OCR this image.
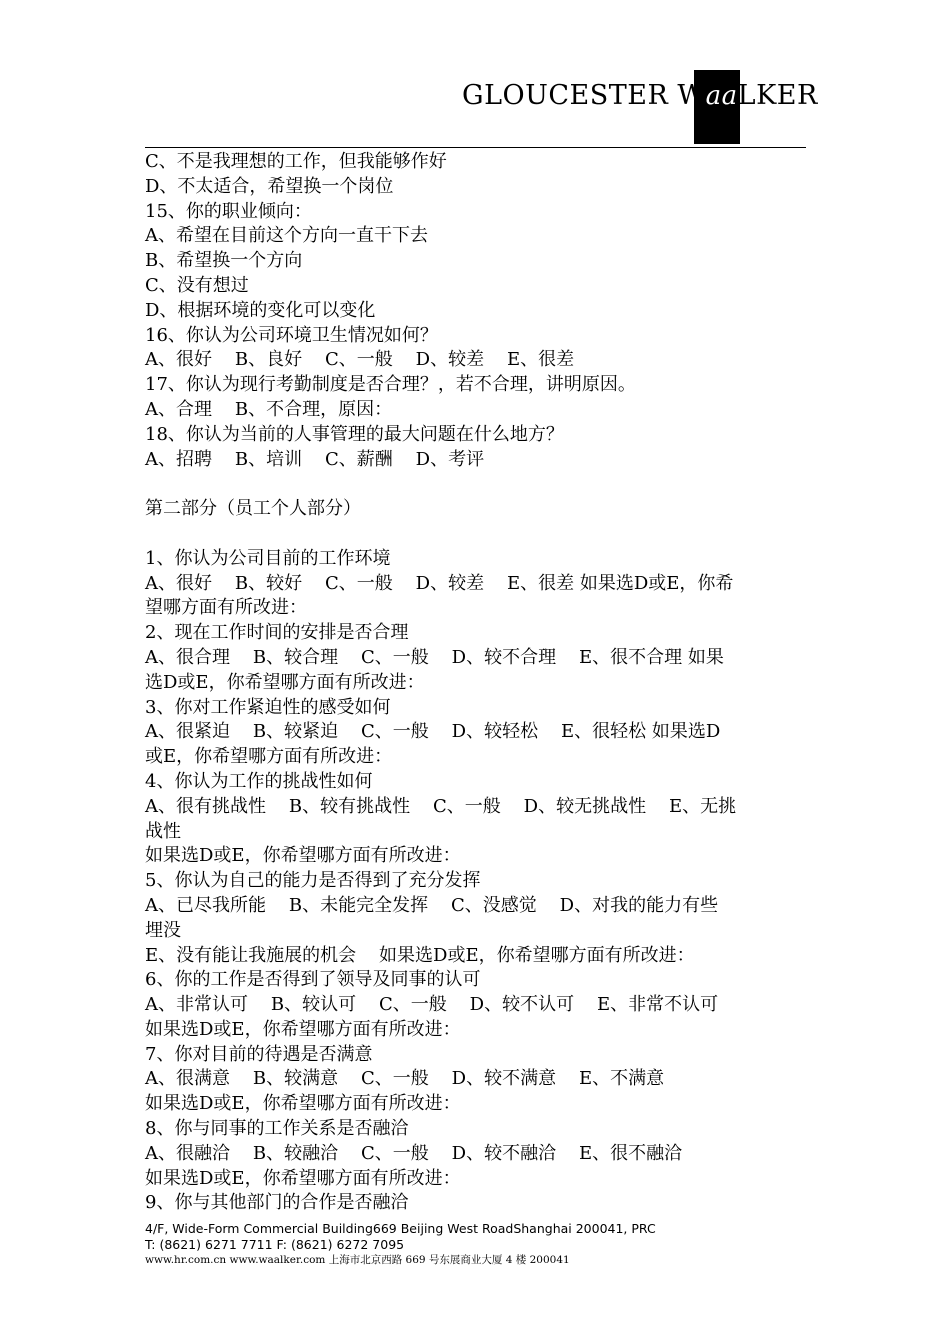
GLOUCESTER WaaLKER
C、不是我理想的工作，但我能够作好
D、不太适合，希望换一个岗位
15、你的职业倾向：
A、希望在目前这个方向一直干下去
B、希望换一个方向
C、没有想过
D、根据环境的变化可以变化
16、你认为公司环境卫生情况如何？
A、很好    B、良好    C、一般    D、较差    E、很差
17、你认为现行考勤制度是否合理？，若不合理，讲明原因。
A、合理    B、不合理，原因：
18、你认为当前的人事管理的最大问题在什么地方？
A、招聘    B、培训    C、薪酬    D、考评
第二部分（员工个人部分）
1、你认为公司目前的工作环境
A、很好    B、较好    C、一般    D、较差    E、很差 如果选D或E，你希
望哪方面有所改进：
2、现在工作时间的安排是否合理
A、很合理    B、较合理    C、一般    D、较不合理    E、很不合理 如果
选D或E，你希望哪方面有所改进：
3、你对工作紧迫性的感受如何
A、很紧迫    B、较紧迫    C、一般    D、较轻松    E、很轻松 如果选D
或E，你希望哪方面有所改进：
4、你认为工作的挑战性如何
A、很有挑战性    B、较有挑战性    C、一般    D、较无挑战性    E、无挑
战性
如果选D或E，你希望哪方面有所改进：
5、你认为自己的能力是否得到了充分发挥
A、已尽我所能    B、未能完全发挥    C、没感觉    D、对我的能力有些
埋没
E、没有能让我施展的机会    如果选D或E，你希望哪方面有所改进：
6、你的工作是否得到了领导及同事的认可
A、非常认可    B、较认可    C、一般    D、较不认可    E、非常不认可
如果选D或E，你希望哪方面有所改进：
7、你对目前的待遇是否满意
A、很满意    B、较满意    C、一般    D、较不满意    E、不满意
如果选D或E，你希望哪方面有所改进：
8、你与同事的工作关系是否融洽
A、很融洽    B、较融洽    C、一般    D、较不融洽    E、很不融洽
如果选D或E，你希望哪方面有所改进：
9、你与其他部门的合作是否融洽
4/F, Wide-Form Commercial Building669 Beijing West RoadShanghai 200041, PRC
T: (8621) 6271 7711 F: (8621) 6272 7095
www.hr.com.cn www.waalker.com 上海市北京西路 669 号东展商业大厦 4 楼 200041
